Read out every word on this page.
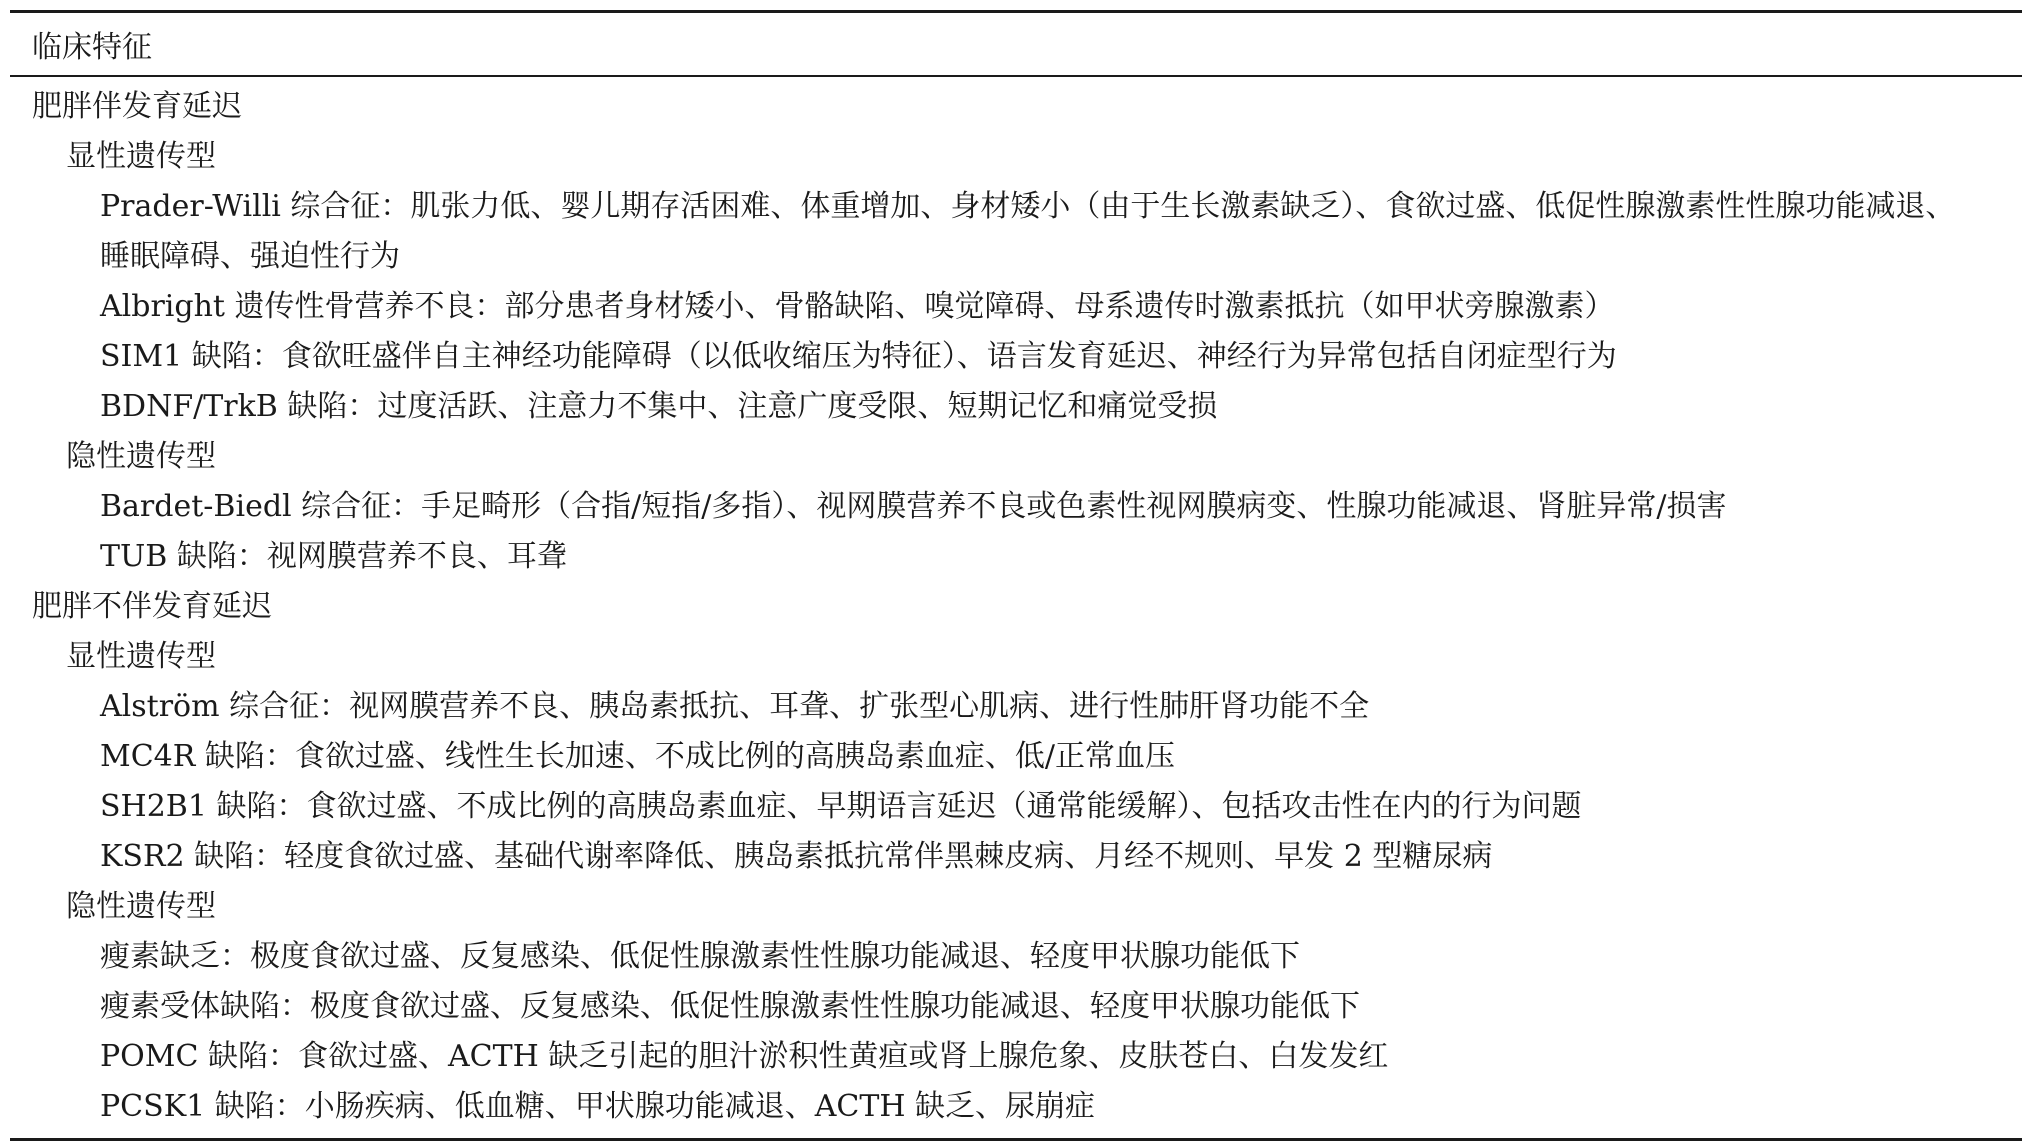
临床特征
肥胖伴发育延迟
显性遗传型
Prader-Willi 综合征：肌张力低、婴儿期存活困难、体重增加、身材矮小（由于生长激素缺乏）、食欲过盛、低促性腺激素性性腺功能减退、
睡眠障碍、强迫性行为
Albright 遗传性骨营养不良：部分患者身材矮小、骨骼缺陷、嗅觉障碍、母系遗传时激素抵抗（如甲状旁腺激素）
SIM1 缺陷：食欲旺盛伴自主神经功能障碍（以低收缩压为特征）、语言发育延迟、神经行为异常包括自闭症型行为
BDNF/TrkB 缺陷：过度活跃、注意力不集中、注意广度受限、短期记忆和痛觉受损
隐性遗传型
Bardet-Biedl 综合征：手足畸形（合指/短指/多指）、视网膜营养不良或色素性视网膜病变、性腺功能减退、肾脏异常/损害
TUB 缺陷：视网膜营养不良、耳聋
肥胖不伴发育延迟
显性遗传型
Alström 综合征：视网膜营养不良、胰岛素抵抗、耳聋、扩张型心肌病、进行性肺肝肾功能不全
MC4R 缺陷：食欲过盛、线性生长加速、不成比例的高胰岛素血症、低/正常血压
SH2B1 缺陷：食欲过盛、不成比例的高胰岛素血症、早期语言延迟（通常能缓解）、包括攻击性在内的行为问题
KSR2 缺陷：轻度食欲过盛、基础代谢率降低、胰岛素抵抗常伴黑棘皮病、月经不规则、早发 2 型糖尿病
隐性遗传型
瘦素缺乏：极度食欲过盛、反复感染、低促性腺激素性性腺功能减退、轻度甲状腺功能低下
瘦素受体缺陷：极度食欲过盛、反复感染、低促性腺激素性性腺功能减退、轻度甲状腺功能低下
POMC 缺陷：食欲过盛、ACTH 缺乏引起的胆汁淤积性黄疸或肾上腺危象、皮肤苍白、白发发红
PCSK1 缺陷：小肠疾病、低血糖、甲状腺功能减退、ACTH 缺乏、尿崩症
